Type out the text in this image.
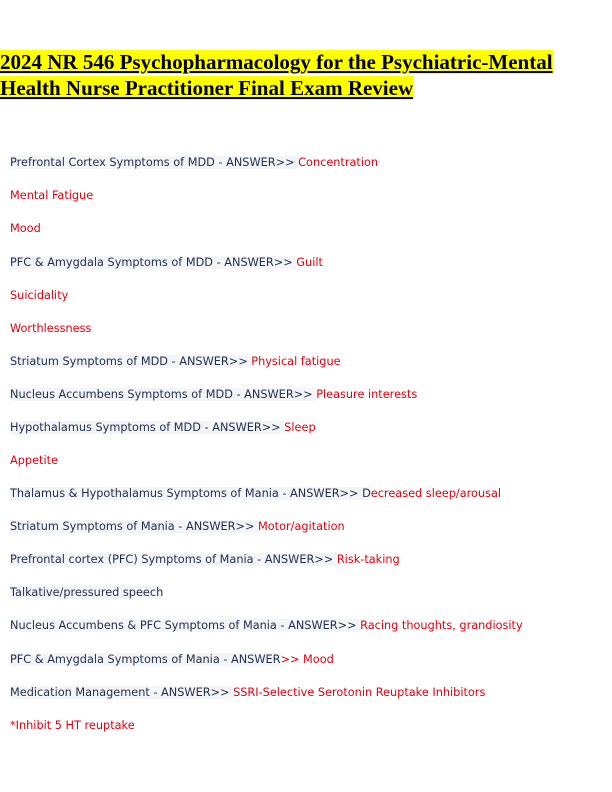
2024 NR 546 Psychopharmacology for the Psychiatric-Mental
Health Nurse Practitioner Final Exam Review
Prefrontal Cortex Symptoms of MDD - ANSWER>> Concentration
Mental Fatigue
Mood
PFC & Amygdala Symptoms of MDD - ANSWER>> Guilt
Suicidality
Worthlessness
Striatum Symptoms of MDD - ANSWER>> Physical fatigue
Nucleus Accumbens Symptoms of MDD - ANSWER>> Pleasure interests
Hypothalamus Symptoms of MDD - ANSWER>> Sleep
Appetite
Thalamus & Hypothalamus Symptoms of Mania - ANSWER>> Decreased sleep/arousal
Striatum Symptoms of Mania - ANSWER>> Motor/agitation
Prefrontal cortex (PFC) Symptoms of Mania - ANSWER>> Risk-taking
Talkative/pressured speech
Nucleus Accumbens & PFC Symptoms of Mania - ANSWER>> Racing thoughts, grandiosity
PFC & Amygdala Symptoms of Mania - ANSWER>> Mood
Medication Management - ANSWER>> SSRI-Selective Serotonin Reuptake Inhibitors
*Inhibit 5 HT reuptake
